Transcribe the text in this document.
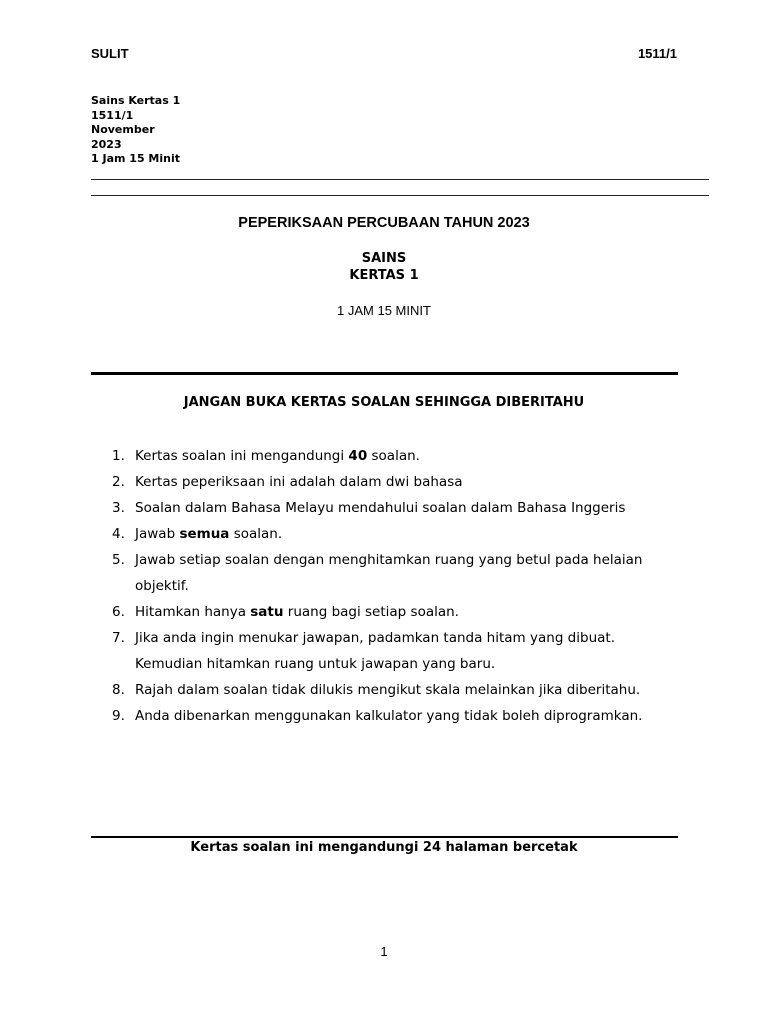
SULIT	1511/1
Sains Kertas 1
1511/1
November
2023
1 Jam 15 Minit
_______________________________________________________________________________________________________
_______________________________________________________________________________________________________
PEPERIKSAAN PERCUBAAN TAHUN 2023
SAINS
KERTAS 1
1 JAM 15 MINIT
JANGAN BUKA KERTAS SOALAN SEHINGGA DIBERITAHU
1. Kertas soalan ini mengandungi 40 soalan.
2. Kertas peperiksaan ini adalah dalam dwi bahasa
3. Soalan dalam Bahasa Melayu mendahului soalan dalam Bahasa Inggeris
4. Jawab semua soalan.
5. Jawab setiap soalan dengan menghitamkan ruang yang betul pada helaian
objektif.
6. Hitamkan hanya satu ruang bagi setiap soalan.
7. Jika anda ingin menukar jawapan, padamkan tanda hitam yang dibuat.
Kemudian hitamkan ruang untuk jawapan yang baru.
8. Rajah dalam soalan tidak dilukis mengikut skala melainkan jika diberitahu.
9. Anda dibenarkan menggunakan kalkulator yang tidak boleh diprogramkan.
Kertas soalan ini mengandungi 24 halaman bercetak
1
